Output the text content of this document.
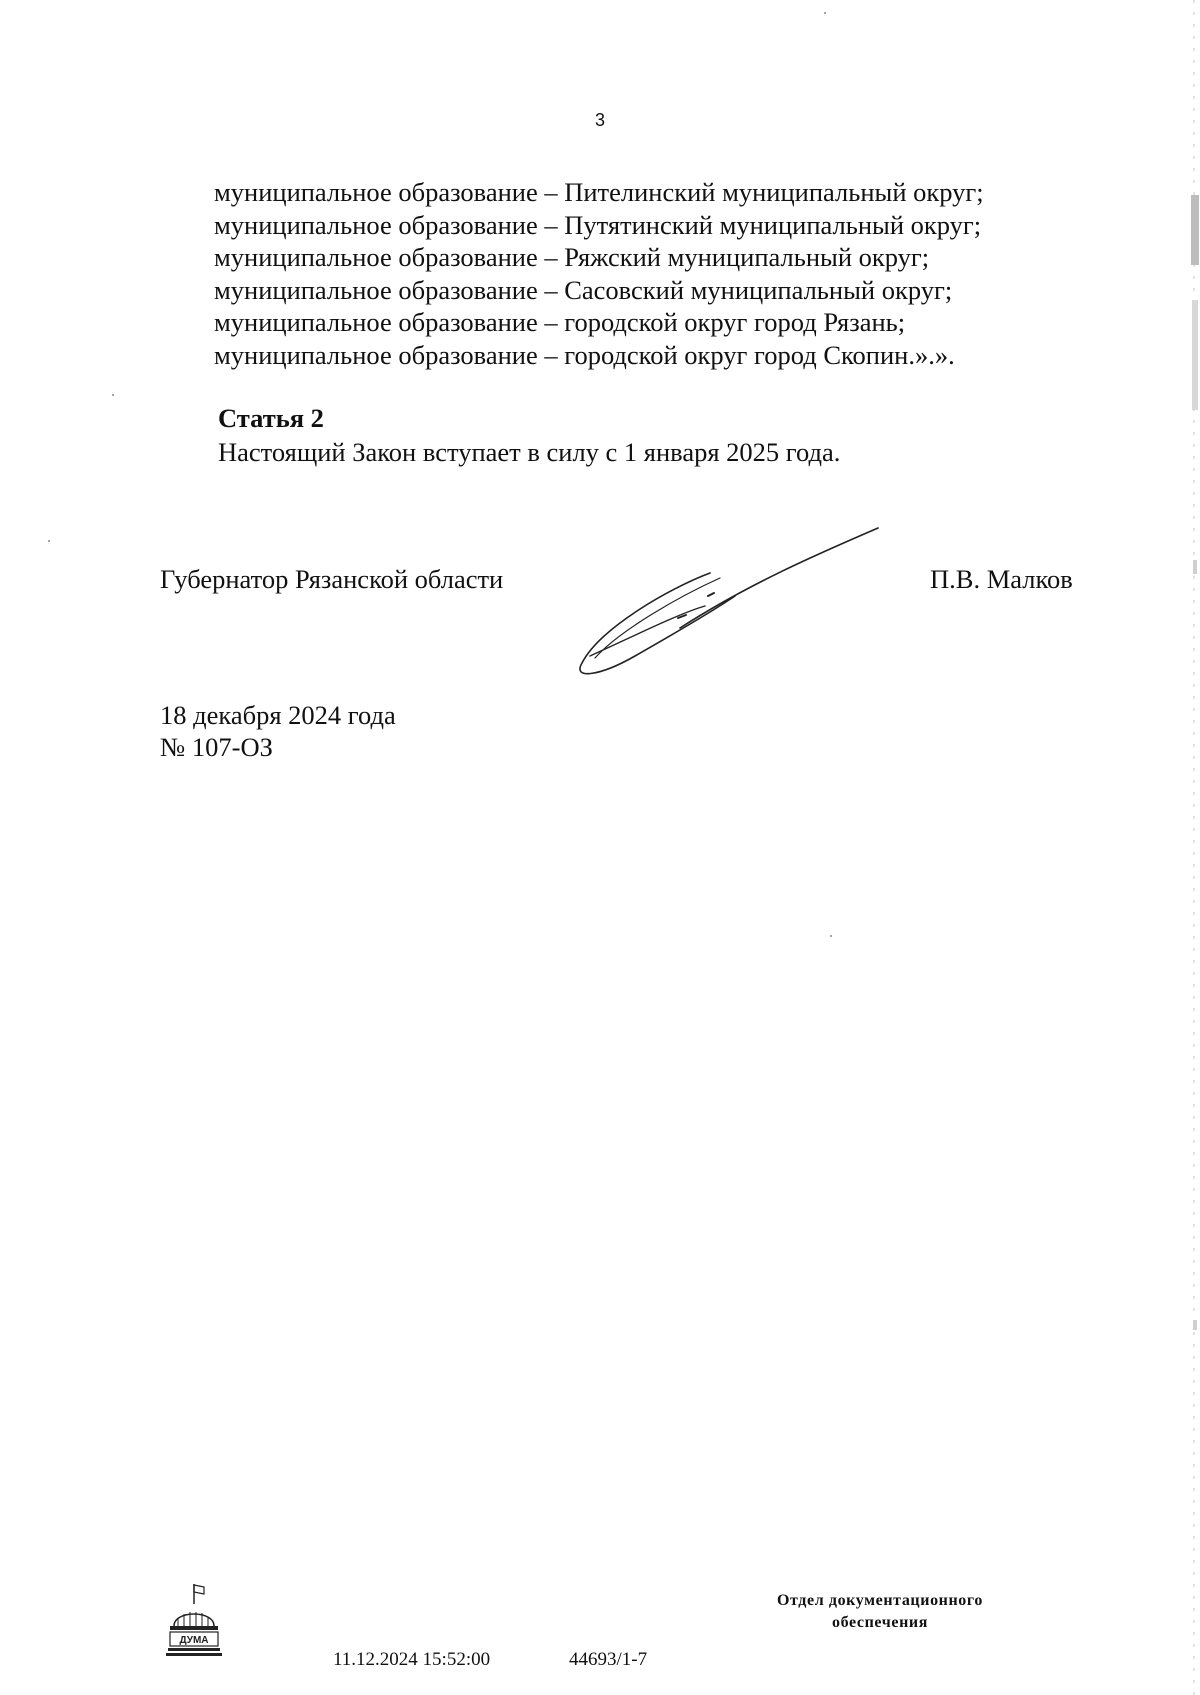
3
муниципальное образование – Пителинский муниципальный округ;
муниципальное образование – Путятинский муниципальный округ;
муниципальное образование – Ряжский муниципальный округ;
муниципальное образование – Сасовский муниципальный округ;
муниципальное образование – городской округ город Рязань;
муниципальное образование – городской округ город Скопин.».».
Статья 2
Настоящий Закон вступает в силу с 1 января 2025 года.
Губернатор Рязанской области	П.В. Малков
18 декабря 2024 года
№ 107-ОЗ
ДУМА
11.12.2024 15:52:00	44693/1-7
Отдел документационного
обеспечения
